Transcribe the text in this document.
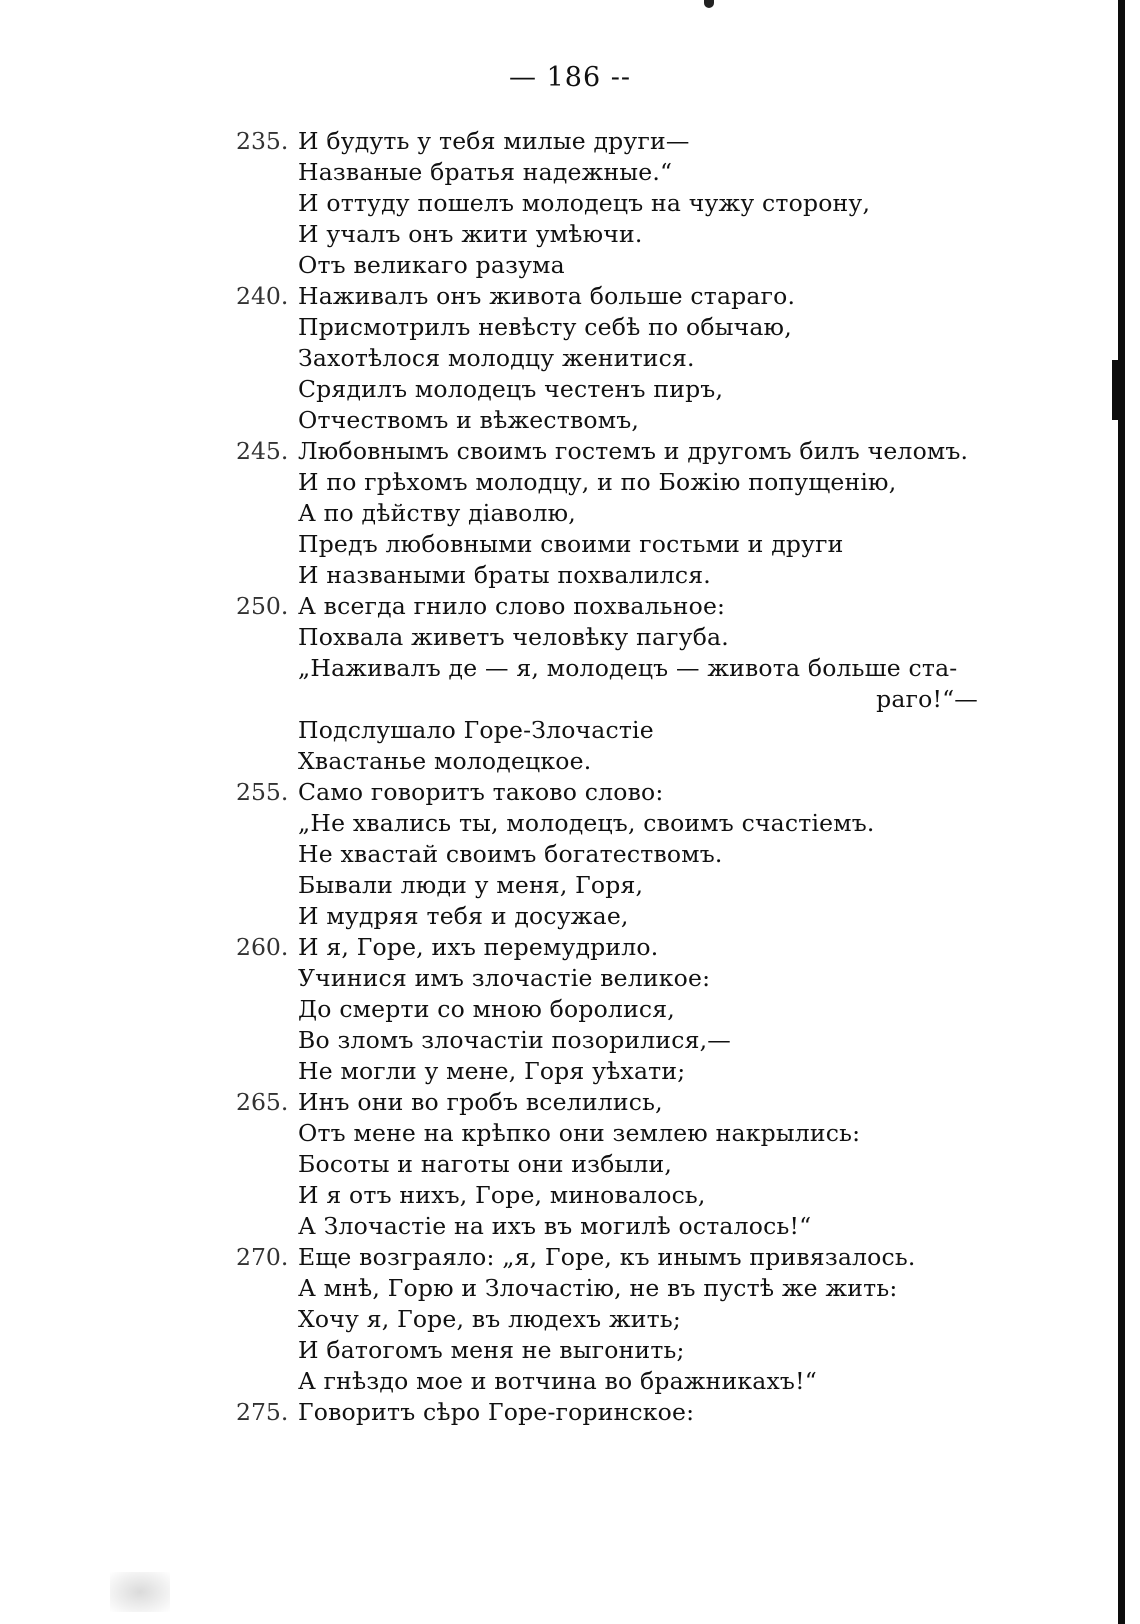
— 186 --
235. И будуть у тебя милые други—
Названые братья надежные.“
И оттуду пошелъ молодецъ на чужу сторону,
И учалъ онъ жити умѣючи.
Отъ великаго разума
240. Наживалъ онъ живота больше стараго.
Присмотрилъ невѣсту себѣ по обычаю,
Захотѣлося молодцу женитися.
Срядилъ молодецъ честенъ пиръ,
Отчествомъ и вѣжествомъ,
245. Любовнымъ своимъ гостемъ и другомъ билъ челомъ.
И по грѣхомъ молодцу, и по Божію попущенію,
А по дѣйству діаволю,
Предъ любовными своими гостьми и други
И назваными браты похвалился.
250. А всегда гнило слово похвальное:
Похвала живетъ человѣку пагуба.
„Наживалъ де — я, молодецъ — живота больше ста-
раго!“—
Подслушало Горе-Злочастіе
Хвастанье молодецкое.
255. Само говоритъ таково слово:
„Не хвались ты, молодецъ, своимъ счастіемъ.
Не хвастай своимъ богатествомъ.
Бывали люди у меня, Горя,
И мудряя тебя и досужае,
260. И я, Горе, ихъ перемудрило.
Учинися имъ злочастіе великое:
До смерти со мною боролися,
Во зломъ злочастіи позорилися,—
Не могли у мене, Горя уѣхати;
265. Инъ они во гробъ вселились,
Отъ мене на крѣпко они землею накрылись:
Босоты и наготы они избыли,
И я отъ нихъ, Горе, миновалось,
А Злочастіе на ихъ въ могилѣ осталось!“
270. Еще возграяло: „я, Горе, къ инымъ привязалось.
А мнѣ, Горю и Злочастію, не въ пустѣ же жить:
Хочу я, Горе, въ людехъ жить;
И батогомъ меня не выгонить;
А гнѣздо мое и вотчина во бражникахъ!“
275. Говоритъ сѣро Горе-горинское:
